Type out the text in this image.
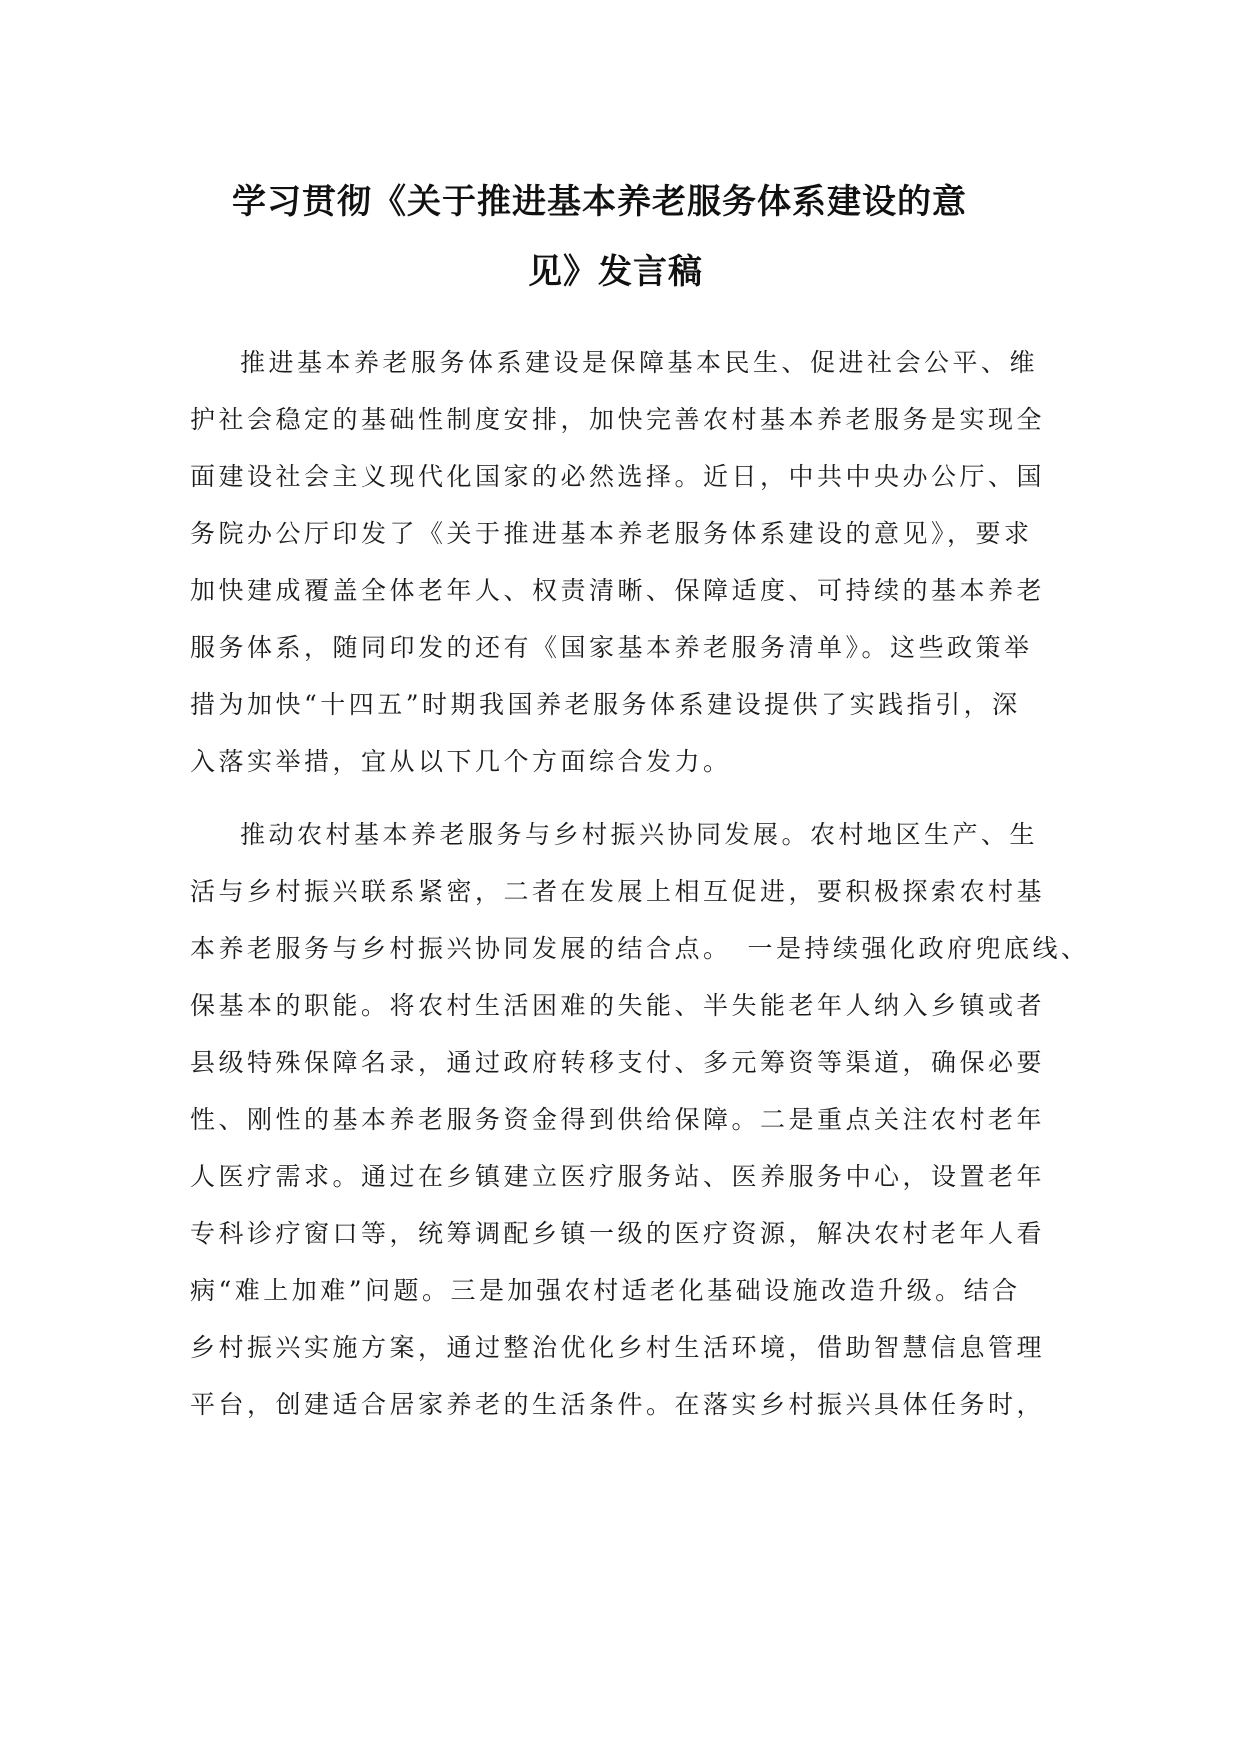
学习贯彻《关于推进基本养老服务体系建设的意
见》发言稿
推进基本养老服务体系建设是保障基本民生、促进社会公平、维
护社会稳定的基础性制度安排，加快完善农村基本养老服务是实现全
面建设社会主义现代化国家的必然选择。近日，中共中央办公厅、国
务院办公厅印发了《关于推进基本养老服务体系建设的意见》，要求
加快建成覆盖全体老年人、权责清晰、保障适度、可持续的基本养老
服务体系，随同印发的还有《国家基本养老服务清单》。这些政策举
措为加快“十四五”时期我国养老服务体系建设提供了实践指引，深
入落实举措，宜从以下几个方面综合发力。
推动农村基本养老服务与乡村振兴协同发展。农村地区生产、生
活与乡村振兴联系紧密，二者在发展上相互促进，要积极探索农村基
本养老服务与乡村振兴协同发展的结合点。　一是持续强化政府兜底线、
保基本的职能。将农村生活困难的失能、半失能老年人纳入乡镇或者
县级特殊保障名录，通过政府转移支付、多元筹资等渠道，确保必要
性、刚性的基本养老服务资金得到供给保障。二是重点关注农村老年
人医疗需求。通过在乡镇建立医疗服务站、医养服务中心，设置老年
专科诊疗窗口等，统筹调配乡镇一级的医疗资源，解决农村老年人看
病“难上加难”问题。三是加强农村适老化基础设施改造升级。结合
乡村振兴实施方案，通过整治优化乡村生活环境，借助智慧信息管理
平台，创建适合居家养老的生活条件。在落实乡村振兴具体任务时，
